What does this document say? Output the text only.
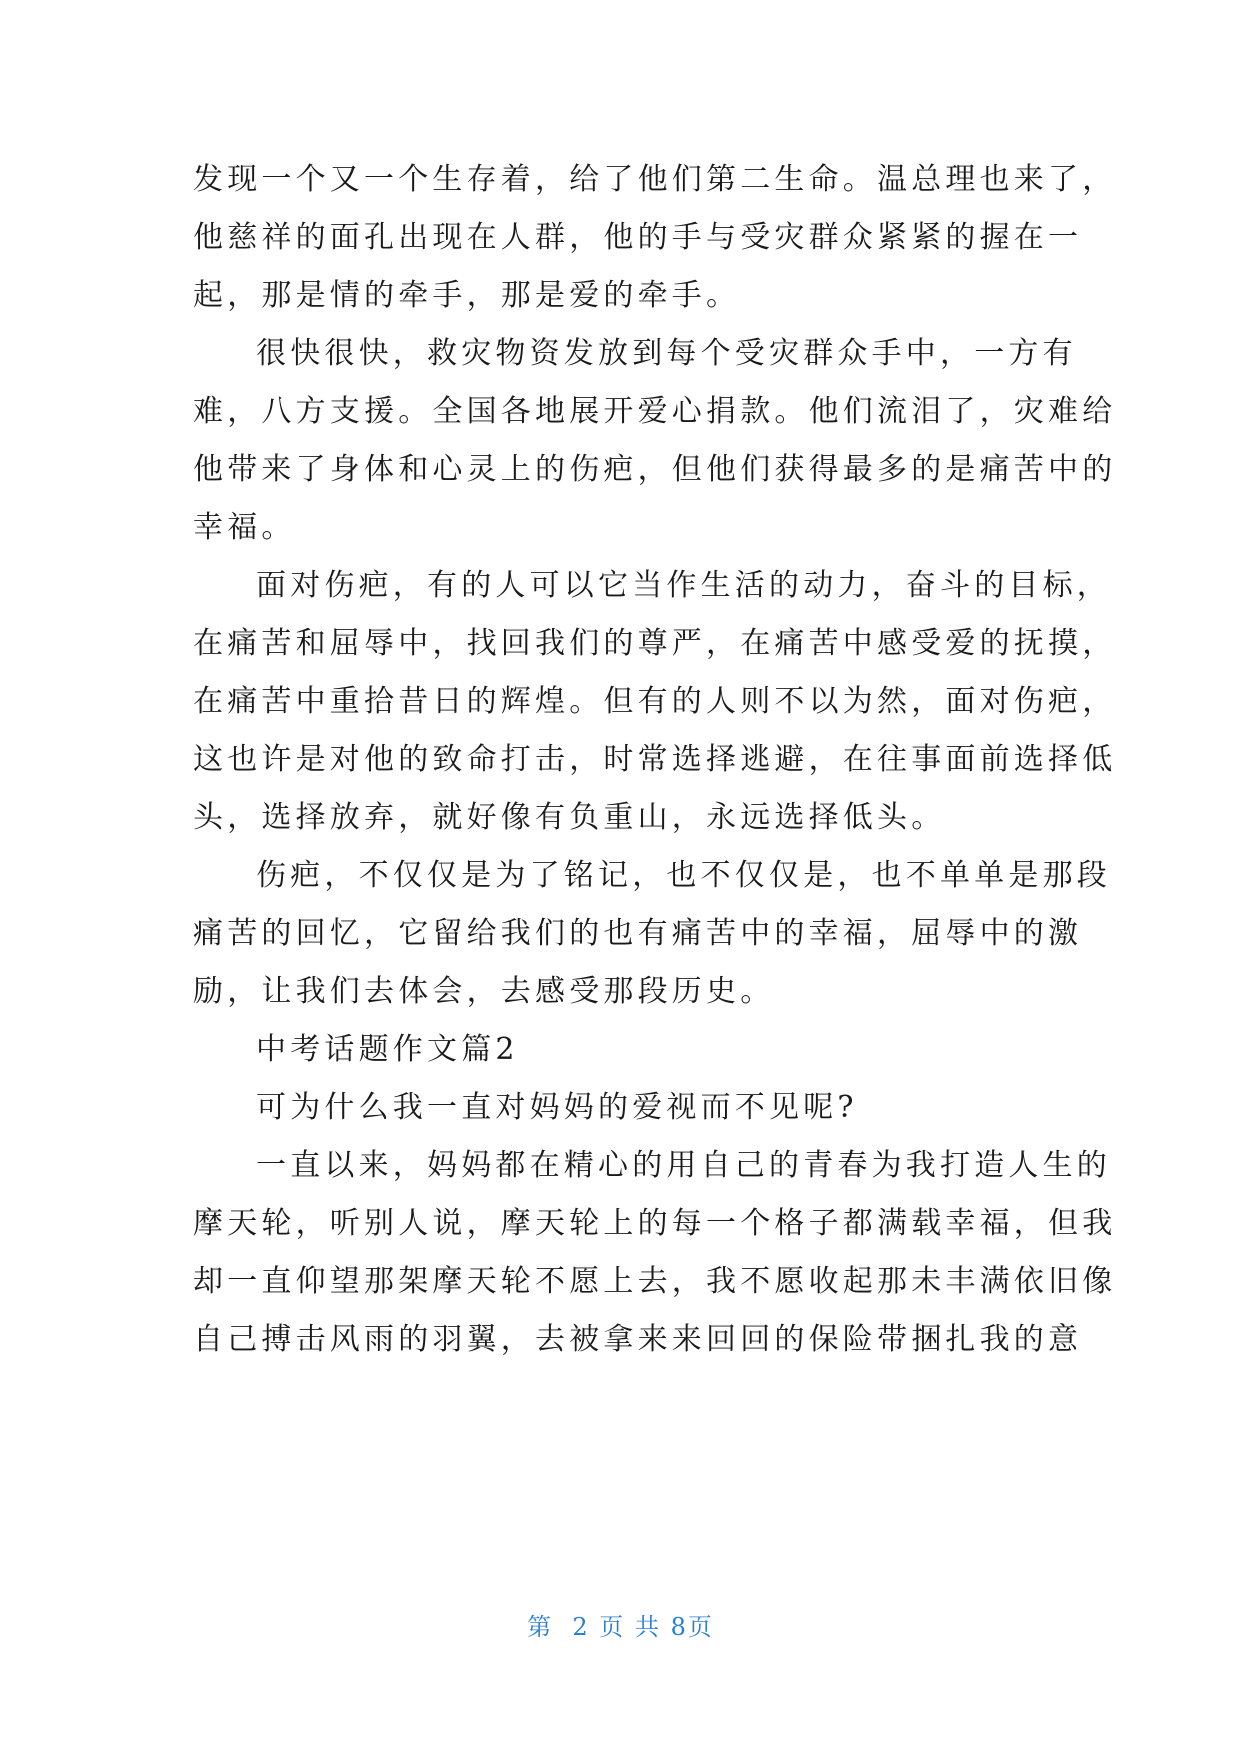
发现一个又一个生存着，给了他们第二生命。温总理也来了，
他慈祥的面孔出现在人群，他的手与受灾群众紧紧的握在一
起，那是情的牵手，那是爱的牵手。
很快很快，救灾物资发放到每个受灾群众手中，一方有
难，八方支援。全国各地展开爱心捐款。他们流泪了，灾难给
他带来了身体和心灵上的伤疤，但他们获得最多的是痛苦中的
幸福。
面对伤疤，有的人可以它当作生活的动力，奋斗的目标，
在痛苦和屈辱中，找回我们的尊严，在痛苦中感受爱的抚摸，
在痛苦中重拾昔日的辉煌。但有的人则不以为然，面对伤疤，
这也许是对他的致命打击，时常选择逃避，在往事面前选择低
头，选择放弃，就好像有负重山，永远选择低头。
伤疤，不仅仅是为了铭记，也不仅仅是，也不单单是那段
痛苦的回忆，它留给我们的也有痛苦中的幸福，屈辱中的激
励，让我们去体会，去感受那段历史。
中考话题作文篇2
可为什么我一直对妈妈的爱视而不见呢?
一直以来，妈妈都在精心的用自己的青春为我打造人生的
摩天轮，听别人说，摩天轮上的每一个格子都满载幸福，但我
却一直仰望那架摩天轮不愿上去，我不愿收起那未丰满依旧像
自己搏击风雨的羽翼，去被拿来来回回的保险带捆扎我的意
第  2 页 共 8页
